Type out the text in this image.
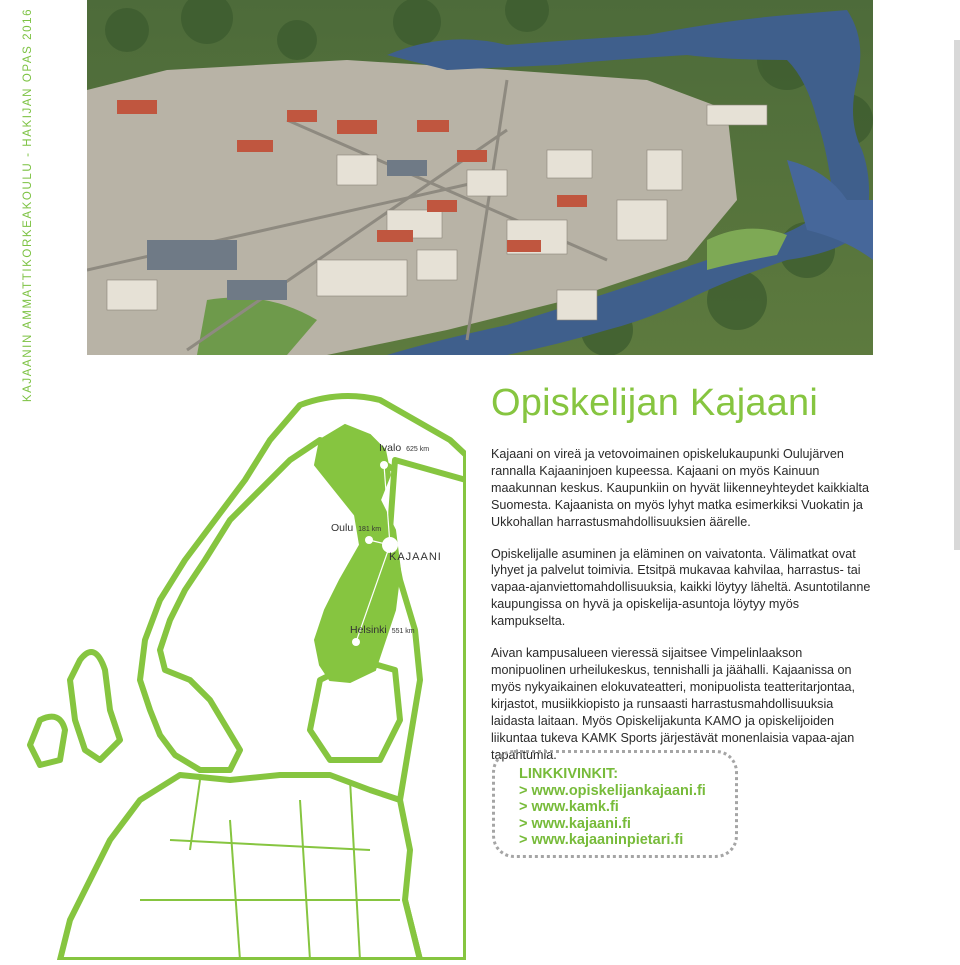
KAJAANIN AMMATTIKORKEAKOULU - HAKIJAN OPAS 2016
Ivalo 625 km
Oulu 181 km
KAJAANI
Helsinki 551 km
Opiskelijan Kajaani

Kajaani on vireä ja vetovoimainen opiskelukaupunki Oulujärven rannalla Kajaaninjoen kupeessa. Kajaani on myös Kainuun maakunnan keskus. Kaupunkiin on hyvät liikenneyhteydet kaikkialta Suomesta. Kajaanista on myös lyhyt matka esimerkiksi Vuokatin ja Ukkohallan harrastusmahdollisuuksien äärelle.

Opiskelijalle asuminen ja eläminen on vaivatonta. Välimatkat ovat lyhyet ja palvelut toimivia. Etsitpä mukavaa kahvilaa, harrastus- tai vapaa-ajanviettomahdollisuuksia, kaikki löytyy läheltä. Asuntotilanne kaupungissa on hyvä ja opiskelija-asuntoja löytyy myös kampukselta.

Aivan kampusalueen vieressä sijaitsee Vimpelinlaakson monipuolinen urheilukeskus, tennishalli ja jäähalli. Kajaanissa on myös nykyaikainen elokuvateatteri, monipuolista teatteritarjontaa, kirjastot, musiikkiopisto ja runsaasti harrastusmahdollisuuksia laidasta laitaan. Myös Opiskelijakunta KAMO ja opiskelijoiden liikuntaa tukeva KAMK Sports järjestävät monenlaisia vapaa-ajan tapahtumia.

LINKKIVINKIT:
> www.opiskelijankajaani.fi
> www.kamk.fi
> www.kajaani.fi
> www.kajaaninpietari.fi
